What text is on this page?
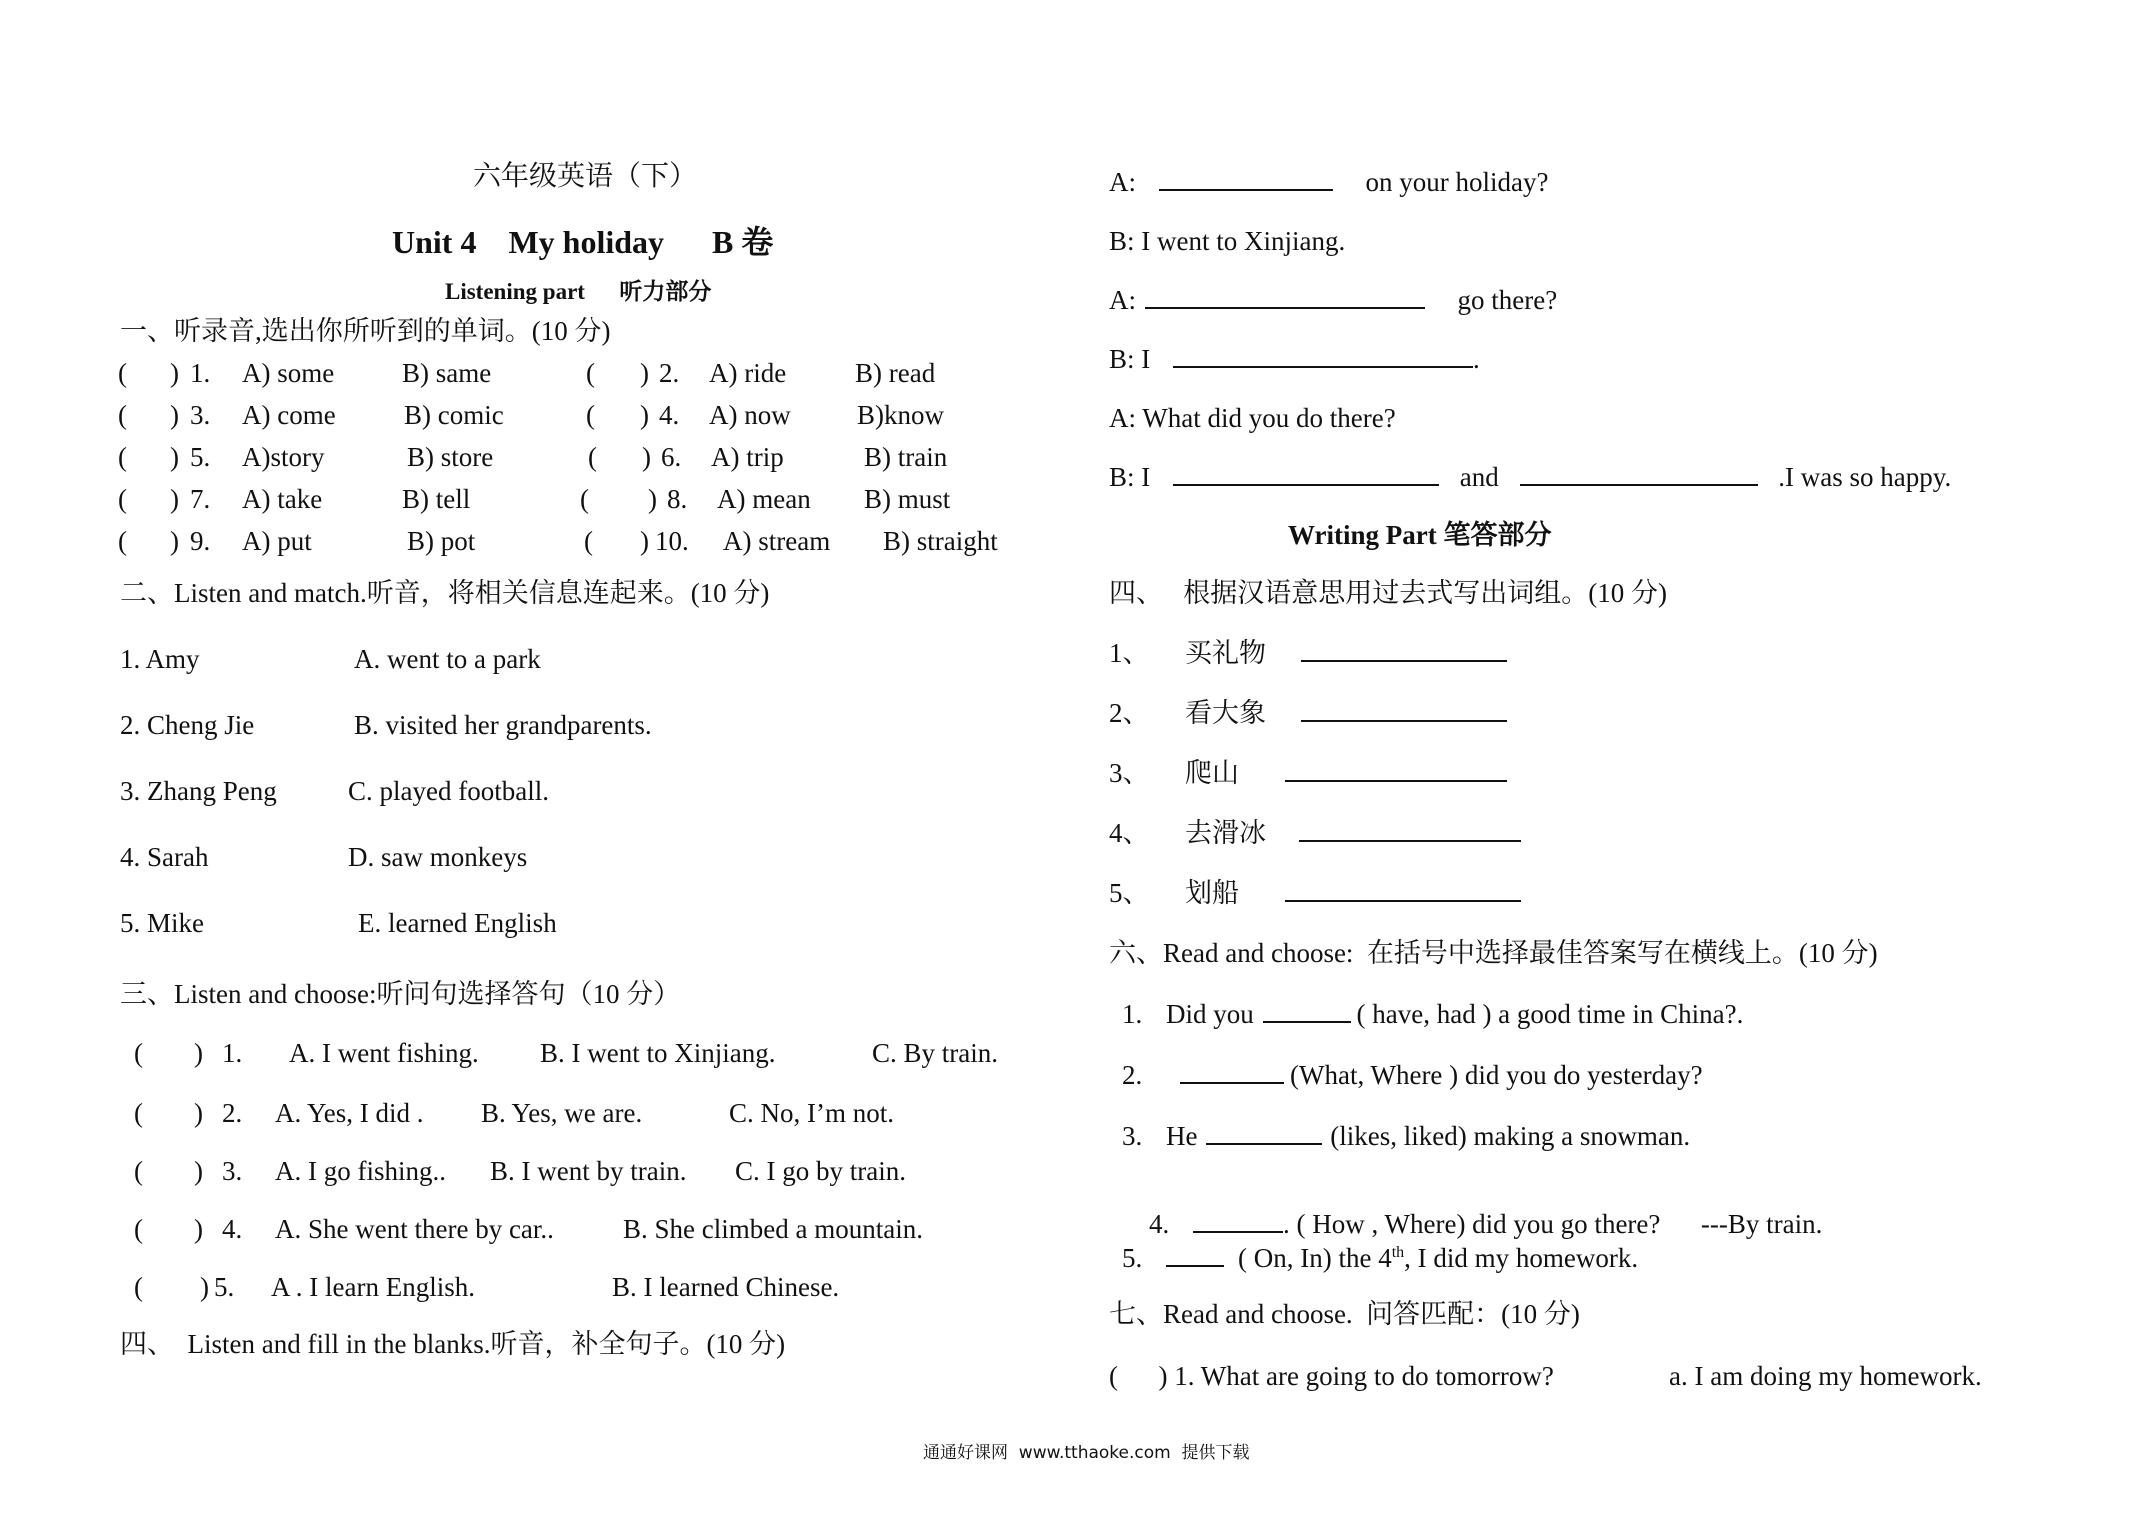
六年级英语（下）
Unit 4    My holiday      B 卷
Listening part      听力部分
一、听录音,选出你所听到的单词。(10 分)
( ) 1. A) some	B) same	( ) 2. A) ride	B) read
( ) 3. A) come	B) comic	( ) 4. A) now B)know
( ) 5. A)story	B) store	( ) 6. A) trip	B) train
( ) 7. A) take	B) tell	( ) 8. A) mean B) must
( ) 9. A) put	B) pot	( ) 10. A) stream B) straight
二、Listen and match.听音，将相关信息连起来。(10 分)
1. Amy	A. went to a park
2. Cheng Jie	B. visited her grandparents.
3. Zhang Peng	C. played football.
4. Sarah	D. saw monkeys
5. Mike	E. learned English
三、Listen and choose:听问句选择答句（10 分）
( ) 1. A. I went fishing. B. I went to Xinjiang.	C. By train.
( ) 2. A. Yes, I did . B. Yes, we are.	C. No, I’m not.
( ) 3. A. I go fishing.. B. I went by train. C. I go by train.
( ) 4. A. She went there by car..	B. She climbed a mountain.
( ) 5. A . I learn English.	B. I learned Chinese.
四、  Listen and fill in the blanks.听音，补全句子。(10 分)
A:	on your holiday?
B: I went to Xinjiang.
A:	go there?
B: I	.
A: What did you do there?
B: I	and	.I was so happy.
Writing Part 笔答部分
四、   根据汉语意思用过去式写出词组。(10 分)
1、 买礼物
2、 看大象
3、 爬山
4、 去滑冰
5、 划船
六、Read and choose:  在括号中选择最佳答案写在横线上。(10 分)
1. Did you	( have, had ) a good time in China?.
2.	(What, Where ) did you do yesterday?
3. He	(likes, liked) making a snowman.

4.	. ( How , Where) did you go there?      ---By train.

5.	( On, In) the 4th, I did my homework.
七、Read and choose.  问答匹配：(10 分)
(      ) 1. What are going to do tomorrow?	a. I am doing my homework.
通通好课网  www.tthaoke.com  提供下载
